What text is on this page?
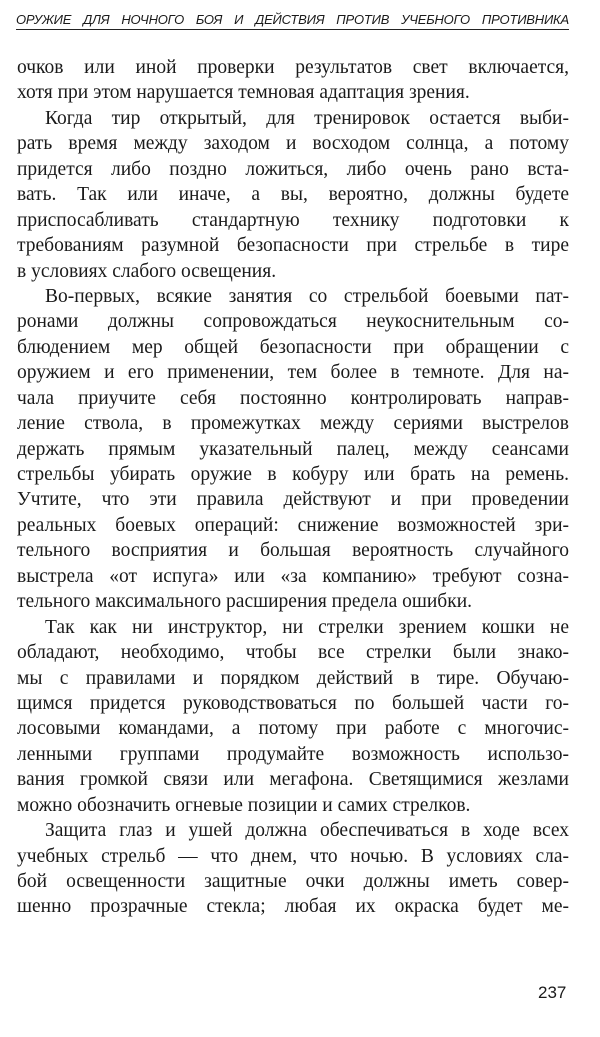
ОРУЖИЕ ДЛЯ НОЧНОГО БОЯ И ДЕЙСТВИЯ ПРОТИВ УЧЕБНОГО ПРОТИВНИКА
очков или иной проверки результатов свет включается,
хотя при этом нарушается темновая адаптация зрения.
Когда тир открытый, для тренировок остается выби-
рать время между заходом и восходом солнца, а потому
придется либо поздно ложиться, либо очень рано вста-
вать. Так или иначе, а вы, вероятно, должны будете
приспосабливать стандартную технику подготовки к
требованиям разумной безопасности при стрельбе в тире
в условиях слабого освещения.
Во-первых, всякие занятия со стрельбой боевыми пат-
ронами должны сопровождаться неукоснительным со-
блюдением мер общей безопасности при обращении с
оружием и его применении, тем более в темноте. Для на-
чала приучите себя постоянно контролировать направ-
ление ствола, в промежутках между сериями выстрелов
держать прямым указательный палец, между сеансами
стрельбы убирать оружие в кобуру или брать на ремень.
Учтите, что эти правила действуют и при проведении
реальных боевых операций: снижение возможностей зри-
тельного восприятия и большая вероятность случайного
выстрела «от испуга» или «за компанию» требуют созна-
тельного максимального расширения предела ошибки.
Так как ни инструктор, ни стрелки зрением кошки не
обладают, необходимо, чтобы все стрелки были знако-
мы с правилами и порядком действий в тире. Обучаю-
щимся придется руководствоваться по большей части го-
лосовыми командами, а потому при работе с многочис-
ленными группами продумайте возможность использо-
вания громкой связи или мегафона. Светящимися жезлами
можно обозначить огневые позиции и самих стрелков.
Защита глаз и ушей должна обеспечиваться в ходе всех
учебных стрельб — что днем, что ночью. В условиях сла-
бой освещенности защитные очки должны иметь совер-
шенно прозрачные стекла; любая их окраска будет ме-
237
